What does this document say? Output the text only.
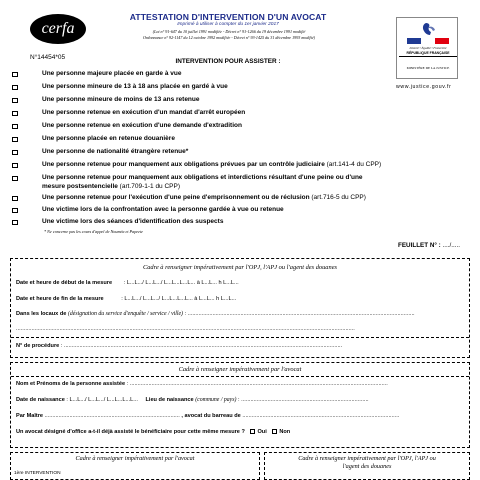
cerfa
N°14454*05
ATTESTATION D'INTERVENTION D'UN AVOCAT
Imprimé à utiliser à compter du 1er janvier 2017
(Loi n° 91-647 du 10 juillet 1991 modifiée - Décret n° 91-1266 du 19 décembre 1991 modifié
Ordonnance n° 92-1147 du 12 octobre 1992 modifiée - Décret n° 93-1425 du 31 décembre 1993 modifié)
INTERVENTION POUR ASSISTER :
Liberté • Égalité • Fraternité
RÉPUBLIQUE FRANÇAISE
MINISTÈRE DE LA JUSTICE
www.justice.gouv.fr
Une personne majeure placée en garde à vue
Une personne mineure de 13 à 18 ans placée en gardé à vue
Une personne mineure de moins de 13 ans retenue
Une personne retenue en exécution d'un mandat d'arrêt européen
Une personne retenue en exécution d'une demande d'extradition
Une personne placée en retenue douanière
Une personne de nationalité étrangère retenue*
Une personne retenue pour manquement aux obligations prévues par un contrôle judiciaire (art.141-4 du CPP)
Une personne retenue pour manquement aux obligations et interdictions résultant d'une peine ou d'une
mesure postsentencielle (art.709-1-1 du CPP)
Une personne retenue pour l'exécution d'une peine d'emprisonnement ou de réclusion (art.716-5 du CPP)
Une victime lors de la confrontation avec la personne gardée à vue ou retenue
Une victime lors des séances d'identification des suspects
* Ne concerne pas les cours d'appel de Nouméa et Papeete
FEUILLET N° : ..../.....
Cadre à renseigner impérativement par l'OPJ, l'APJ ou l'agent des douanes
Date et heure de début de la mesure : L...L.../ L...L.../ L...L...L...L... à L...L... h L...L...
Date et heure de fin de la mesure	: L...L.../ L...L.../ L...L...L...L... à L...L... h L...L...
Dans les locaux de (désignation du service d'enquête / service / ville) : ..................................................................................................................................................
..........................................................................................................................................................................................................................
N° de procédure : ...................................................................................................................................................................................
Cadre à renseigner impérativement par l'avocat
Nom et Prénoms de la personne assistée : ......................................................................................................................................................................
Date de naissance : L...L.../ L...L.../ L...L...L...L... Lieu de naissance (commune / pays) : ..................................................................................
Par Maître ....................................................................................... , avocat du barreau de .....................................................................................................
Un avocat désigné d'office a-t-il déjà assisté le bénéficiaire pour cette même mesure ? Oui Non
Cadre à renseigner impérativement par l'avocat
1ère INTERVENTION
Cadre à renseigner impérativement par l'OPJ, l'APJ ou
l'agent des douanes
